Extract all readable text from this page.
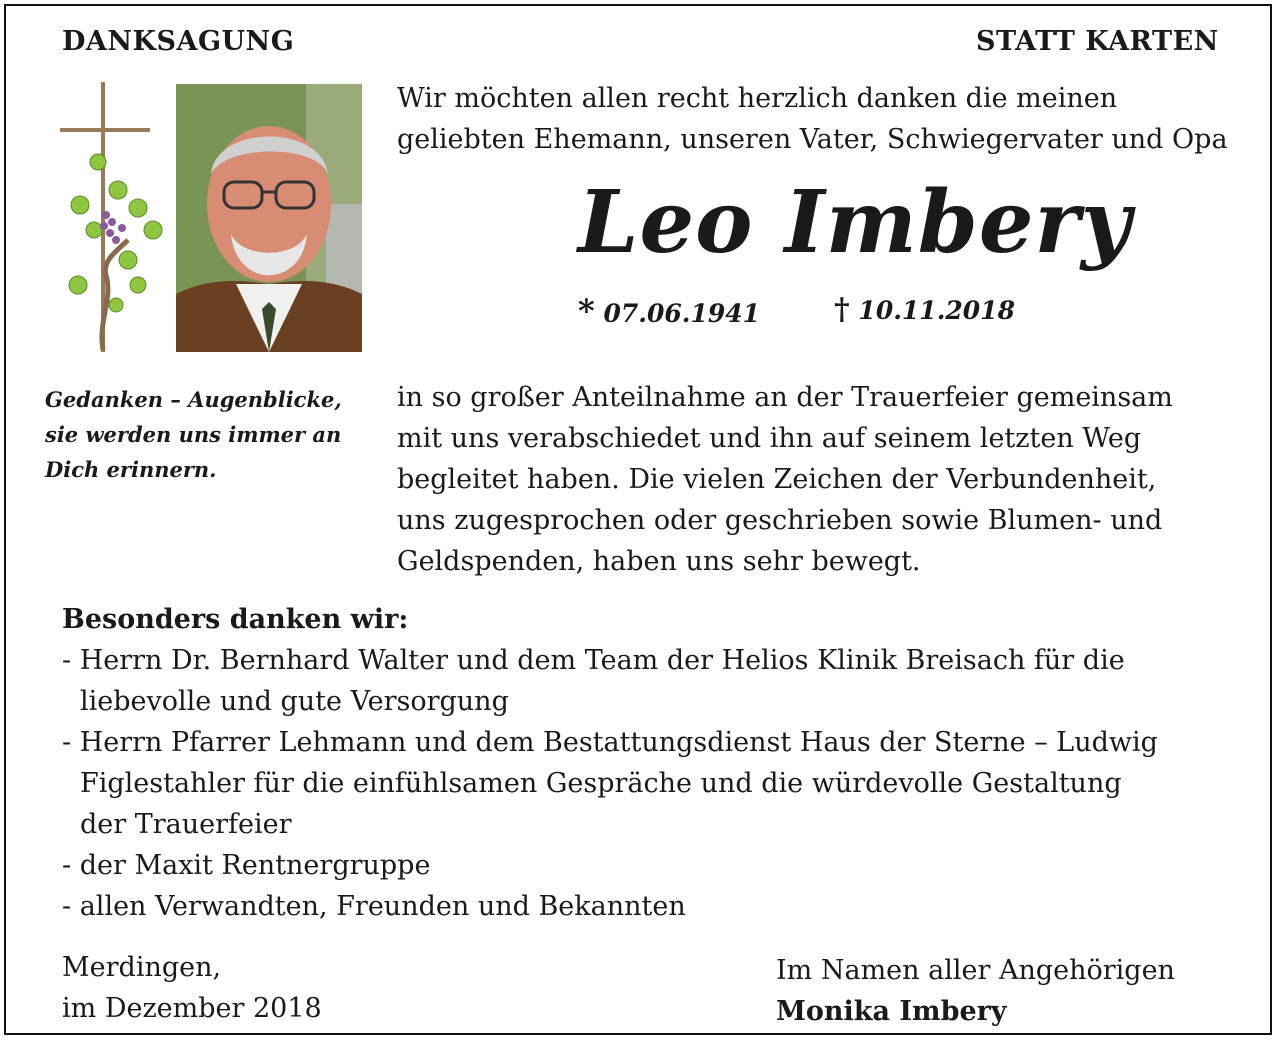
DANKSAGUNG	STATT KARTEN
Wir möchten allen recht herzlich danken die meinen
geliebten Ehemann, unseren Vater, Schwiegervater und Opa
Leo Imbery
* 07.06.1941 † 10.11.2018
Gedanken – Augenblicke,
sie werden uns immer an
Dich erinnern.
in so großer Anteilnahme an der Trauerfeier gemeinsam
mit uns verabschiedet und ihn auf seinem letzten Weg
begleitet haben. Die vielen Zeichen der Verbundenheit,
uns zugesprochen oder geschrieben sowie Blumen- und
Geldspenden, haben uns sehr bewegt.
Besonders danken wir:
- Herrn Dr. Bernhard Walter und dem Team der Helios Klinik Breisach für die
liebevolle und gute Versorgung
- Herrn Pfarrer Lehmann und dem Bestattungsdienst Haus der Sterne – Ludwig
Figlestahler für die einfühlsamen Gespräche und die würdevolle Gestaltung
der Trauerfeier
- der Maxit Rentnergruppe
- allen Verwandten, Freunden und Bekannten
Merdingen,
im Dezember 2018
Im Namen aller Angehörigen
Monika Imbery
